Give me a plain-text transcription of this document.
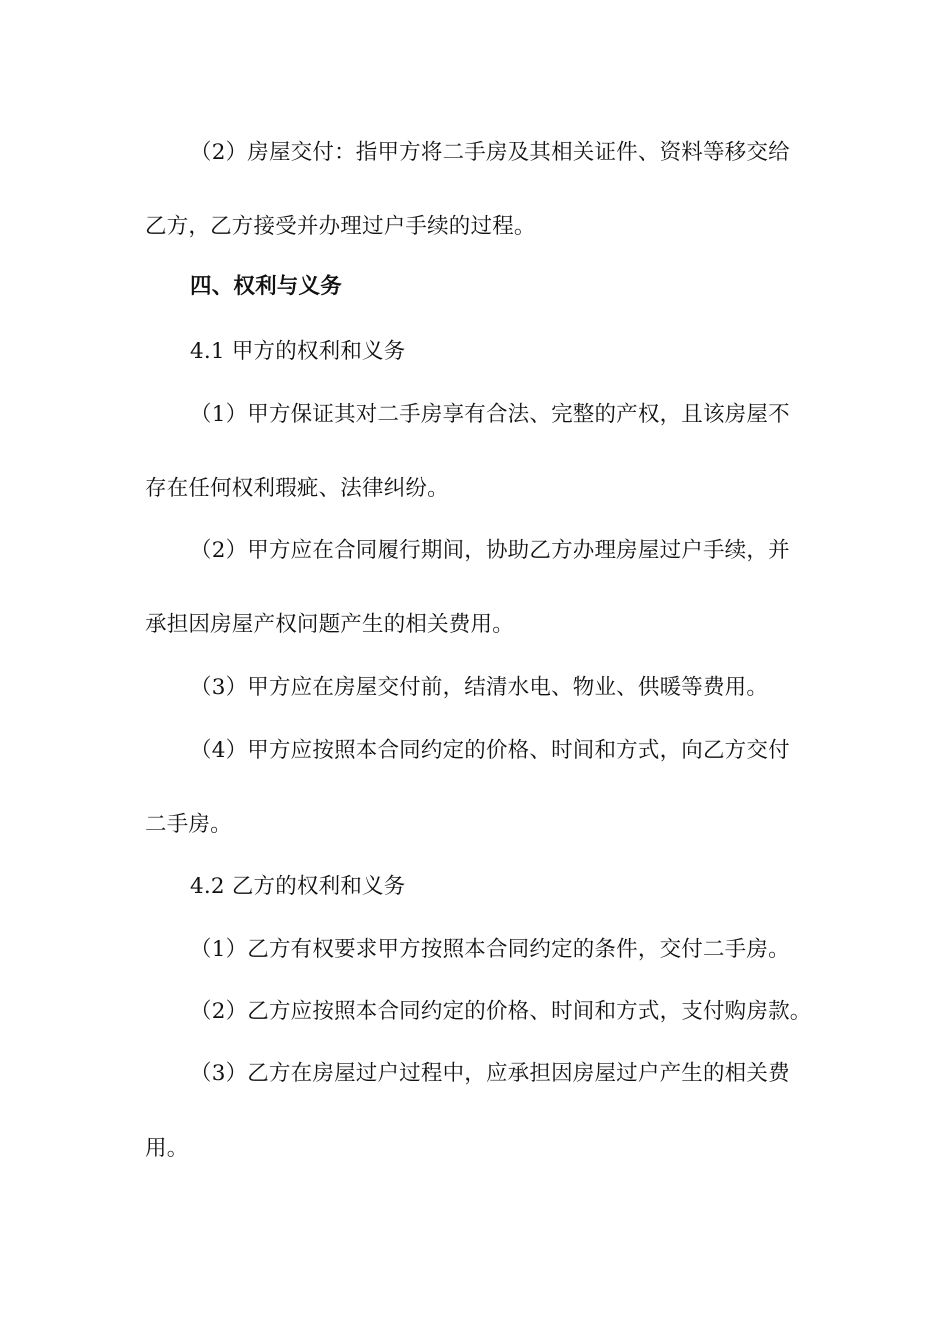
（2）房屋交付：指甲方将二手房及其相关证件、资料等移交给
乙方，乙方接受并办理过户手续的过程。
四、权利与义务
4.1 甲方的权利和义务
（1）甲方保证其对二手房享有合法、完整的产权，且该房屋不
存在任何权利瑕疵、法律纠纷。
（2）甲方应在合同履行期间，协助乙方办理房屋过户手续，并
承担因房屋产权问题产生的相关费用。
（3）甲方应在房屋交付前，结清水电、物业、供暖等费用。
（4）甲方应按照本合同约定的价格、时间和方式，向乙方交付
二手房。
4.2 乙方的权利和义务
（1）乙方有权要求甲方按照本合同约定的条件，交付二手房。
（2）乙方应按照本合同约定的价格、时间和方式，支付购房款。
（3）乙方在房屋过户过程中，应承担因房屋过户产生的相关费
用。
